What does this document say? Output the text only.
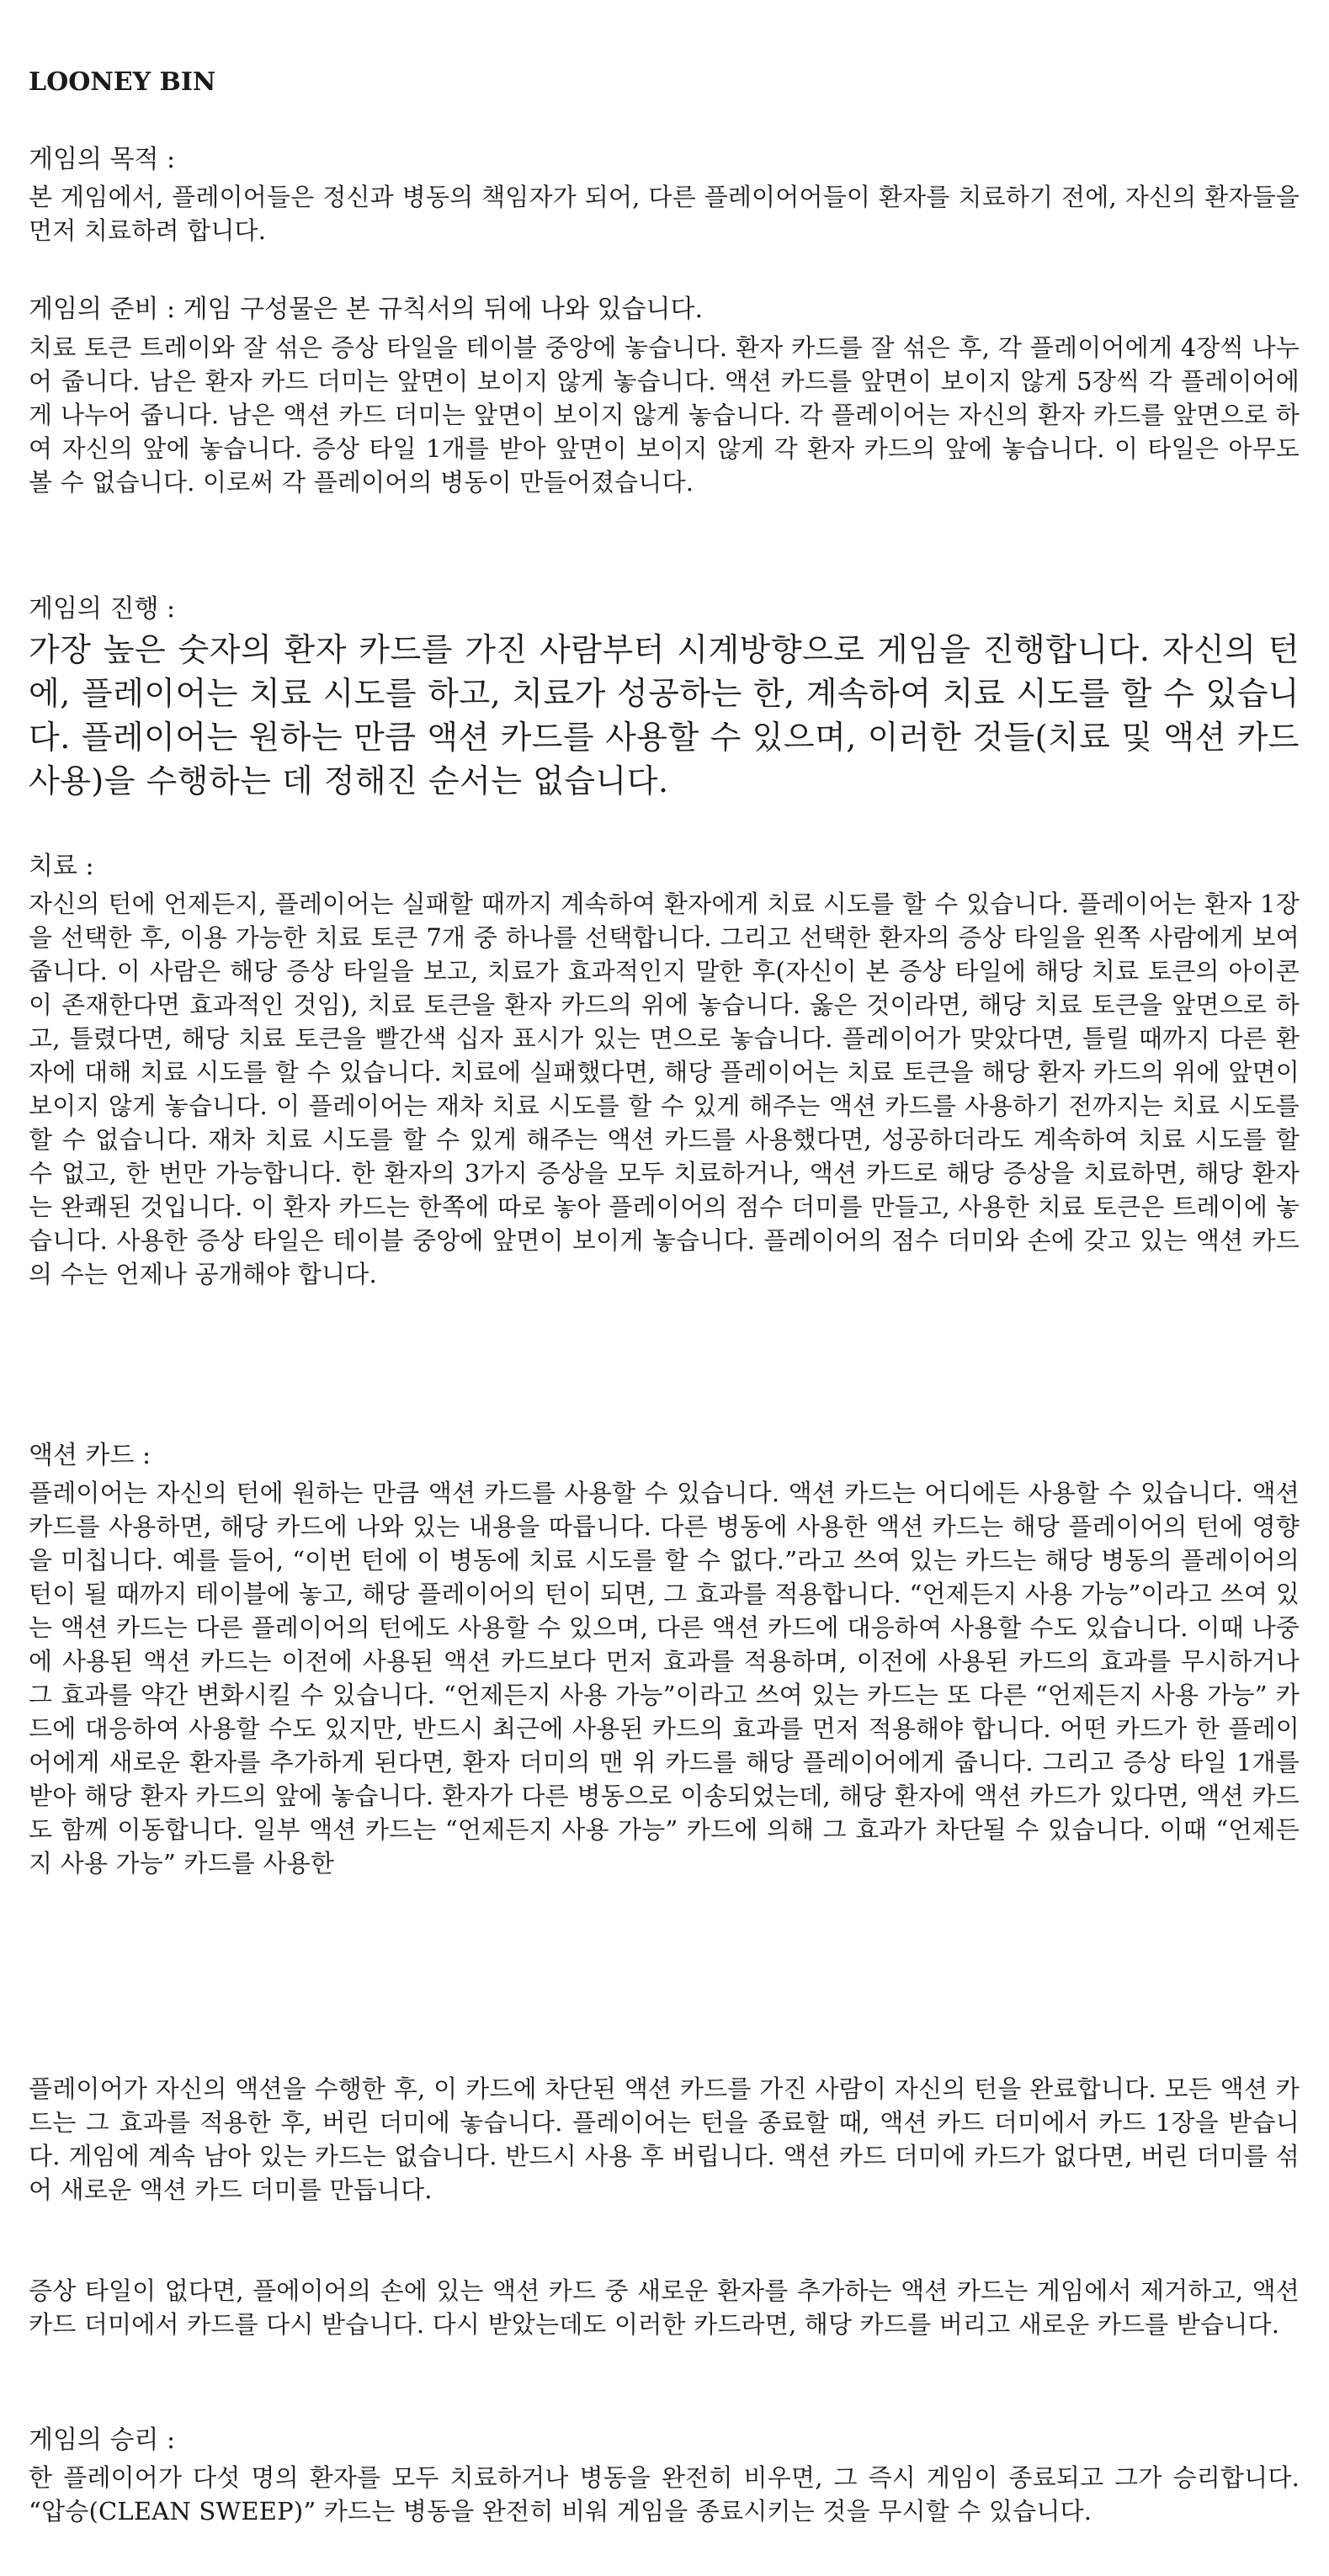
LOONEY BIN
게임의 목적 :
본 게임에서, 플레이어들은 정신과 병동의 책임자가 되어, 다른 플레이어어들이 환자를 치료하기 전에, 자신의 환자들을 먼저 치료하려 합니다.
게임의 준비 : 게임 구성물은 본 규칙서의 뒤에 나와 있습니다.
치료 토큰 트레이와 잘 섞은 증상 타일을 테이블 중앙에 놓습니다. 환자 카드를 잘 섞은 후, 각 플레이어에게 4장씩 나누어 줍니다. 남은 환자 카드 더미는 앞면이 보이지 않게 놓습니다. 액션 카드를 앞면이 보이지 않게 5장씩 각 플레이어에게 나누어 줍니다. 남은 액션 카드 더미는 앞면이 보이지 않게 놓습니다. 각 플레이어는 자신의 환자 카드를 앞면으로 하여 자신의 앞에 놓습니다. 증상 타일 1개를 받아 앞면이 보이지 않게 각 환자 카드의 앞에 놓습니다. 이 타일은 아무도 볼 수 없습니다. 이로써 각 플레이어의 병동이 만들어졌습니다.
게임의 진행 :
가장 높은 숫자의 환자 카드를 가진 사람부터 시계방향으로 게임을 진행합니다. 자신의 턴에, 플레이어는 치료 시도를 하고, 치료가 성공하는 한, 계속하여 치료 시도를 할 수 있습니다. 플레이어는 원하는 만큼 액션 카드를 사용할 수 있으며, 이러한 것들(치료 및 액션 카드 사용)을 수행하는 데 정해진 순서는 없습니다.
치료 :
자신의 턴에 언제든지, 플레이어는 실패할 때까지 계속하여 환자에게 치료 시도를 할 수 있습니다. 플레이어는 환자 1장을 선택한 후, 이용 가능한 치료 토큰 7개 중 하나를 선택합니다. 그리고 선택한 환자의 증상 타일을 왼쪽 사람에게 보여 줍니다. 이 사람은 해당 증상 타일을 보고, 치료가 효과적인지 말한 후(자신이 본 증상 타일에 해당 치료 토큰의 아이콘이 존재한다면 효과적인 것임), 치료 토큰을 환자 카드의 위에 놓습니다. 옳은 것이라면, 해당 치료 토큰을 앞면으로 하고, 틀렸다면, 해당 치료 토큰을 빨간색 십자 표시가 있는 면으로 놓습니다. 플레이어가 맞았다면, 틀릴 때까지 다른 환자에 대해 치료 시도를 할 수 있습니다. 치료에 실패했다면, 해당 플레이어는 치료 토큰을 해당 환자 카드의 위에 앞면이 보이지 않게 놓습니다. 이 플레이어는 재차 치료 시도를 할 수 있게 해주는 액션 카드를 사용하기 전까지는 치료 시도를 할 수 없습니다. 재차 치료 시도를 할 수 있게 해주는 액션 카드를 사용했다면, 성공하더라도 계속하여 치료 시도를 할 수 없고, 한 번만 가능합니다. 한 환자의 3가지 증상을 모두 치료하거나, 액션 카드로 해당 증상을 치료하면, 해당 환자는 완쾌된 것입니다. 이 환자 카드는 한쪽에 따로 놓아 플레이어의 점수 더미를 만들고, 사용한 치료 토큰은 트레이에 놓습니다. 사용한 증상 타일은 테이블 중앙에 앞면이 보이게 놓습니다. 플레이어의 점수 더미와 손에 갖고 있는 액션 카드의 수는 언제나 공개해야 합니다.
액션 카드 :
플레이어는 자신의 턴에 원하는 만큼 액션 카드를 사용할 수 있습니다. 액션 카드는 어디에든 사용할 수 있습니다. 액션 카드를 사용하면, 해당 카드에 나와 있는 내용을 따릅니다. 다른 병동에 사용한 액션 카드는 해당 플레이어의 턴에 영향을 미칩니다. 예를 들어, “이번 턴에 이 병동에 치료 시도를 할 수 없다.”라고 쓰여 있는 카드는 해당 병동의 플레이어의 턴이 될 때까지 테이블에 놓고, 해당 플레이어의 턴이 되면, 그 효과를 적용합니다. “언제든지 사용 가능”이라고 쓰여 있는 액션 카드는 다른 플레이어의 턴에도 사용할 수 있으며, 다른 액션 카드에 대응하여 사용할 수도 있습니다. 이때 나중에 사용된 액션 카드는 이전에 사용된 액션 카드보다 먼저 효과를 적용하며, 이전에 사용된 카드의 효과를 무시하거나 그 효과를 약간 변화시킬 수 있습니다. “언제든지 사용 가능”이라고 쓰여 있는 카드는 또 다른 “언제든지 사용 가능” 카드에 대응하여 사용할 수도 있지만, 반드시 최근에 사용된 카드의 효과를 먼저 적용해야 합니다. 어떤 카드가 한 플레이어에게 새로운 환자를 추가하게 된다면, 환자 더미의 맨 위 카드를 해당 플레이어에게 줍니다. 그리고 증상 타일 1개를 받아 해당 환자 카드의 앞에 놓습니다. 환자가 다른 병동으로 이송되었는데, 해당 환자에 액션 카드가 있다면, 액션 카드도 함께 이동합니다. 일부 액션 카드는 “언제든지 사용 가능” 카드에 의해 그 효과가 차단될 수 있습니다. 이때 “언제든지 사용 가능” 카드를 사용한
플레이어가 자신의 액션을 수행한 후, 이 카드에 차단된 액션 카드를 가진 사람이 자신의 턴을 완료합니다. 모든 액션 카드는 그 효과를 적용한 후, 버린 더미에 놓습니다. 플레이어는 턴을 종료할 때, 액션 카드 더미에서 카드 1장을 받습니다. 게임에 계속 남아 있는 카드는 없습니다. 반드시 사용 후 버립니다. 액션 카드 더미에 카드가 없다면, 버린 더미를 섞어 새로운 액션 카드 더미를 만듭니다.
증상 타일이 없다면, 플에이어의 손에 있는 액션 카드 중 새로운 환자를 추가하는 액션 카드는 게임에서 제거하고, 액션 카드 더미에서 카드를 다시 받습니다. 다시 받았는데도 이러한 카드라면, 해당 카드를 버리고 새로운 카드를 받습니다.
게임의 승리 :
한 플레이어가 다섯 명의 환자를 모두 치료하거나 병동을 완전히 비우면, 그 즉시 게임이 종료되고 그가 승리합니다. “압승(CLEAN SWEEP)” 카드는 병동을 완전히 비워 게임을 종료시키는 것을 무시할 수 있습니다.
